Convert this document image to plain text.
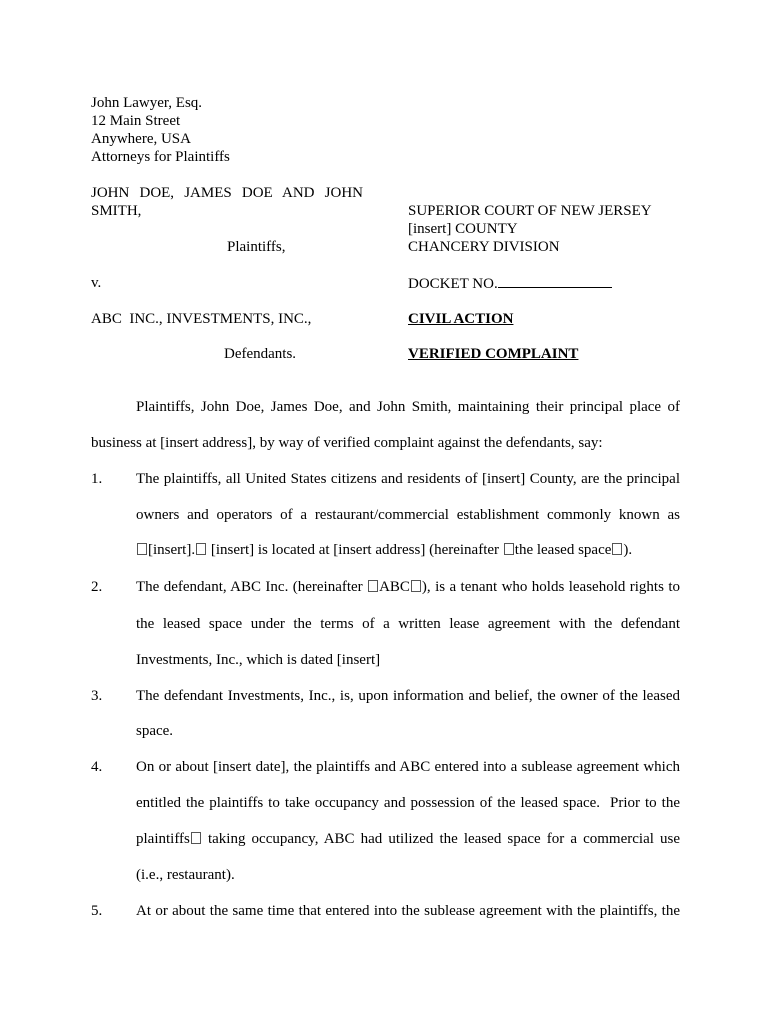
John Lawyer, Esq.
12 Main Street
Anywhere, USA
Attorneys for Plaintiffs
JOHN DOE, JAMES DOE AND JOHN
SMITH,
Plaintiffs,
v.
ABC  INC., INVESTMENTS, INC.,
Defendants.
SUPERIOR COURT OF NEW JERSEY
[insert] COUNTY
CHANCERY DIVISION
DOCKET NO.
CIVIL ACTION
VERIFIED COMPLAINT
Plaintiffs, John Doe, James Doe, and John Smith, maintaining their principal place of
business at [insert address], by way of verified complaint against the defendants, say:
1. The plaintiffs, all United States citizens and residents of [insert] County, are the principal
owners and operators of a restaurant/commercial establishment commonly known as
[insert]. [insert] is located at [insert address] (hereinafter the leased space ).
2. The defendant, ABC Inc. (hereinafter ABC ), is a tenant who holds leasehold rights to
the leased space under the terms of a written lease agreement with the defendant
Investments, Inc., which is dated [insert]
3. The defendant Investments, Inc., is, upon information and belief, the owner of the leased
space.
4. On or about [insert date], the plaintiffs and ABC entered into a sublease agreement which
entitled the plaintiffs to take occupancy and possession of the leased space.  Prior to the
plaintiffs taking occupancy, ABC had utilized the leased space for a commercial use
(i.e., restaurant).
5. At or about the same time that entered into the sublease agreement with the plaintiffs, the
